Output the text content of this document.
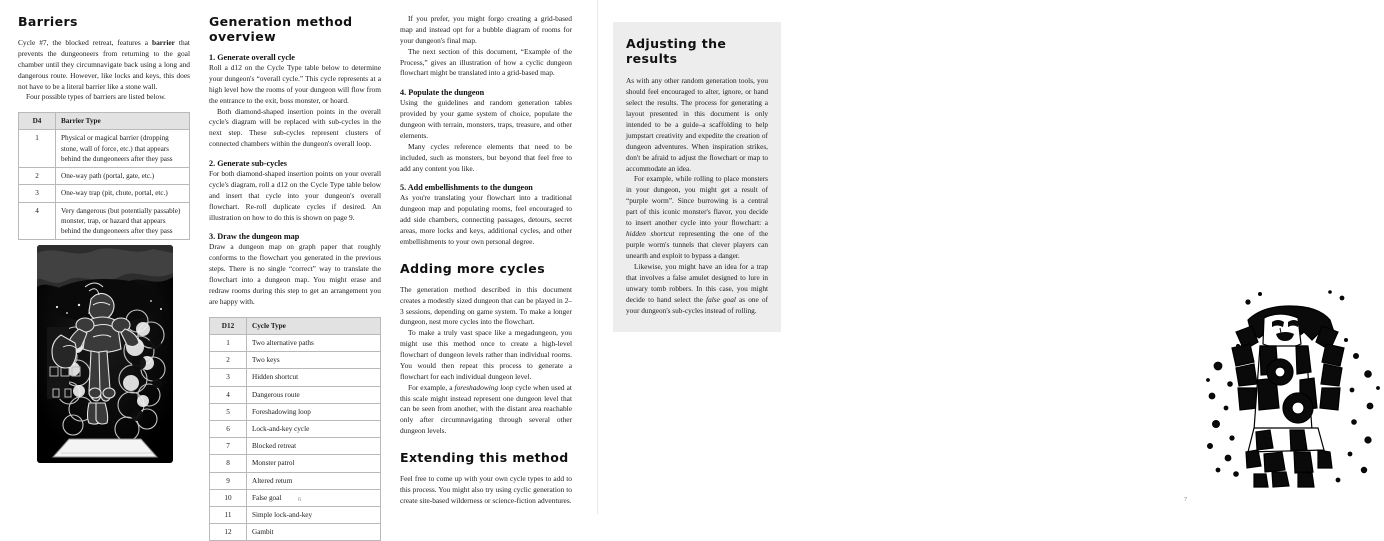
Barriers

Cycle #7, the blocked retreat, features a barrier that prevents the dungeoneers from returning to the goal chamber until they circumnavigate back using a long and dangerous route. However, like locks and keys, this does not have to be a literal barrier like a stone wall.

Four possible types of barriers are listed below.

D4	Barrier Type
1	Physical or magical barrier (dropping stone, wall of force, etc.) that appears behind the dungeoneers after they pass
2	One-way path (portal, gate, etc.)
3	One-way trap (pit, chute, portal, etc.)
4	Very dangerous (but potentially passable) monster, trap, or hazard that appears behind the dungeoneers after they pass
Generation method overview
1. Generate overall cycle

Roll a d12 on the Cycle Type table below to determine your dungeon's “overall cycle.” This cycle represents at a high level how the rooms of your dungeon will flow from the entrance to the exit, boss monster, or hoard.

Both diamond-shaped insertion points in the overall cycle's diagram will be replaced with sub-cycles in the next step. These sub-cycles represent clusters of connected chambers within the dungeon's overall loop.

2. Generate sub-cycles

For both diamond-shaped insertion points on your overall cycle's diagram, roll a d12 on the Cycle Type table below and insert that cycle into your dungeon's overall flowchart. Re-roll duplicate cycles if desired. An illustration on how to do this is shown on page 9.

3. Draw the dungeon map

Draw a dungeon map on graph paper that roughly conforms to the flowchart you generated in the previous steps. There is no single “correct” way to translate the flowchart into a dungeon map. You might erase and redraw rooms during this step to get an arrangement you are happy with.

D12	Cycle Type
1	Two alternative paths
2	Two keys
3	Hidden shortcut
4	Dangerous route
5	Foreshadowing loop
6	Lock-and-key cycle
7	Blocked retreat
8	Monster patrol
9	Altered return
10	False goal
11	Simple lock-and-key
12	Gambit

If you prefer, you might forgo creating a grid-based map and instead opt for a bubble diagram of rooms for your dungeon's final map.

The next section of this document, “Example of the Process,” gives an illustration of how a cyclic dungeon flowchart might be translated into a grid-based map.

4. Populate the dungeon

Using the guidelines and random generation tables provided by your game system of choice, populate the dungeon with terrain, monsters, traps, treasure, and other elements.

Many cycles reference elements that need to be included, such as monsters, but beyond that feel free to add any content you like.

5. Add embellishments to the dungeon

As you're translating your flowchart into a traditional dungeon map and populating rooms, feel encouraged to add side chambers, connecting passages, detours, secret areas, more locks and keys, additional cycles, and other embellishments to your own personal degree.

Adding more cycles

The generation method described in this document creates a modestly sized dungeon that can be played in 2–3 sessions, depending on game system. To make a longer dungeon, nest more cycles into the flowchart.

To make a truly vast space like a megadungeon, you might use this method once to create a high-level flowchart of dungeon levels rather than individual rooms. You would then repeat this process to generate a flowchart for each individual dungeon level.

For example, a foreshadowing loop cycle when used at this scale might instead represent one dungeon level that can be seen from another, with the distant area reachable only after circumnavigating through several other dungeon levels.

Extending this method

Feel free to come up with your own cycle types to add to this process. You might also try using cyclic generation to create site-based wilderness or science-fiction adventures.

6
Adjusting the results

As with any other random generation tools, you should feel encouraged to alter, ignore, or hand select the results. The process for generating a layout presented in this document is only intended to be a guide–a scaffolding to help jumpstart creativity and expedite the creation of dungeon adventures. When inspiration strikes, don't be afraid to adjust the flowchart or map to accommodate an idea.

For example, while rolling to place monsters in your dungeon, you might get a result of “purple worm”. Since burrowing is a central part of this iconic monster's flavor, you decide to insert another cycle into your flowchart: a hidden shortcut representing the one of the purple worm's tunnels that clever players can unearth and exploit to bypass a danger.

Likewise, you might have an idea for a trap that involves a false amulet designed to lure in unwary tomb robbers. In this case, you might decide to hand select the false goal as one of your dungeon's sub-cycles instead of rolling.

7
